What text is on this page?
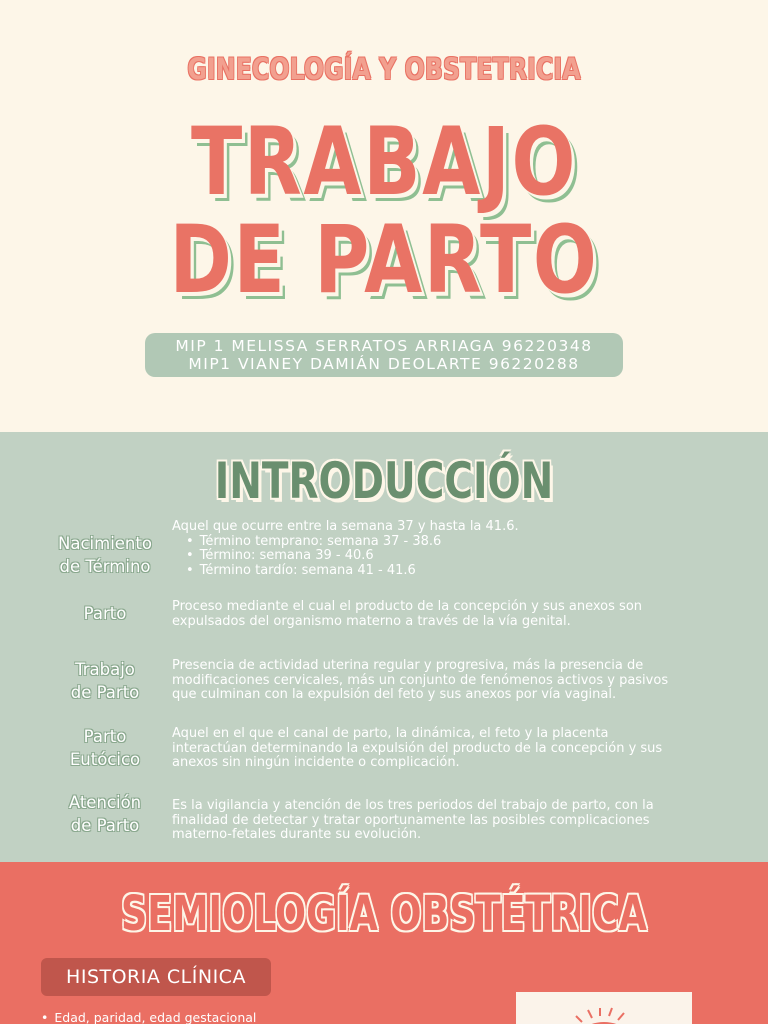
GINECOLOGÍA Y OBSTETRICIA
TRABAJO
DE PARTO
MIP 1 MELISSA SERRATOS ARRIAGA 96220348
MIP1 VIANEY DAMIÁN DEOLARTE 96220288
INTRODUCCIÓN
Nacimiento
de Término
Aquel que ocurre entre la semana 37 y hasta la 41.6.
• Término temprano: semana 37 - 38.6
• Término: semana 39 - 40.6
• Término tardío: semana 41 - 41.6
Parto	Proceso mediante el cual el producto de la concepción y sus anexos son
expulsados del organismo materno a través de la vía genital.
Trabajo
de Parto
Presencia de actividad uterina regular y progresiva, más la presencia de
modificaciones cervicales, más un conjunto de fenómenos activos y pasivos
que culminan con la expulsión del feto y sus anexos por vía vaginal.
Parto
Eutócico
Aquel en el que el canal de parto, la dinámica, el feto y la placenta
interactúan determinando la expulsión del producto de la concepción y sus
anexos sin ningún incidente o complicación.
Atención
de Parto
Es la vigilancia y atención de los tres periodos del trabajo de parto, con la
finalidad de detectar y tratar oportunamente las posibles complicaciones
materno-fetales durante su evolución.
SEMIOLOGÍA OBSTÉTRICA
HISTORIA CLÍNICA
• Edad, paridad, edad gestacional
